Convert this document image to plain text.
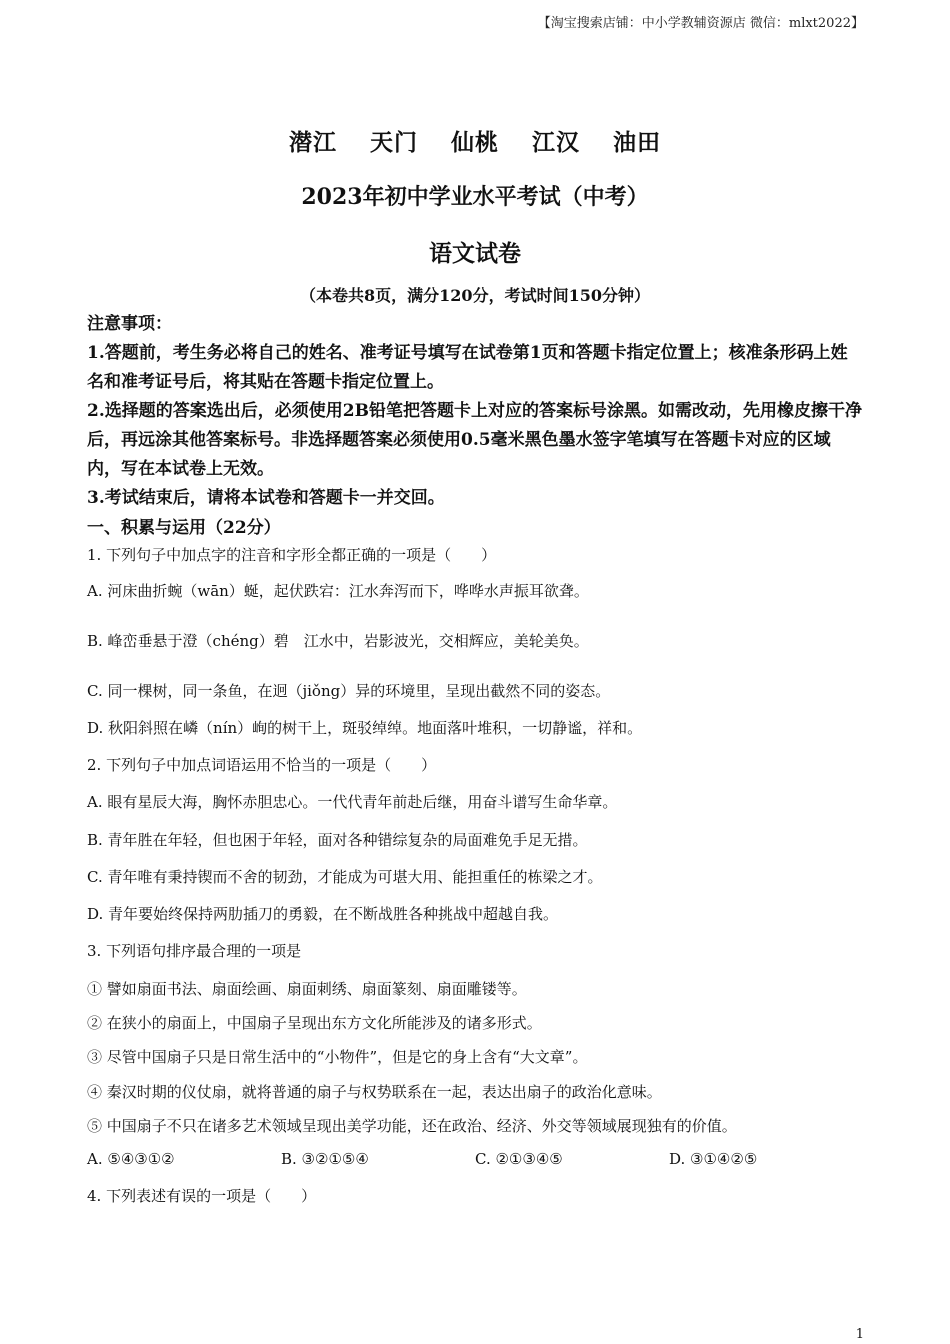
【淘宝搜索店铺：中小学教辅资源店 微信：mlxt2022】
潜江 天门 仙桃 江汉 油田
2023年初中学业水平考试（中考）
语文试卷
（本卷共8页，满分120分，考试时间150分钟）

注意事项：

1.答题前，考生务必将自己的姓名、准考证号填写在试卷第1页和答题卡指定位置上；核准条形码上姓名和准考证号后，将其贴在答题卡指定位置上。

2.选择题的答案选出后，必须使用2B铅笔把答题卡上对应的答案标号涂黑。如需改动，先用橡皮擦干净后，再远涂其他答案标号。非选择题答案必须使用0.5毫米黑色墨水签字笔填写在答题卡对应的区域内，写在本试卷上无效。

3.考试结束后，请将本试卷和答题卡一并交回。

一、积累与运用（22分）
1. 下列句子中加点字的注音和字形全都正确的一项是（　　）
A. 河床曲折蜿（wān）蜒，起伏跌宕：江水奔泻而下，哗哗水声振耳欲聋。
B. 峰峦垂悬于澄（chéng）碧　江水中，岩影波光，交相辉应，美轮美奂。
C. 同一棵树，同一条鱼，在迥（jiǒng）异的环境里，呈现出截然不同的姿态。
D. 秋阳斜照在嶙（nín）峋的树干上，斑驳绰绰。地面落叶堆积，一切静谧，祥和。
2. 下列句子中加点词语运用不恰当的一项是（　　）
A. 眼有星辰大海，胸怀赤胆忠心。一代代青年前赴后继，用奋斗谱写生命华章。
B. 青年胜在年轻，但也困于年轻，面对各种错综复杂的局面难免手足无措。
C. 青年唯有秉持锲而不舍的韧劲，才能成为可堪大用、能担重任的栋梁之才。
D. 青年要始终保持两肋插刀的勇毅，在不断战胜各种挑战中超越自我。
3. 下列语句排序最合理的一项是
① 譬如扇面书法、扇面绘画、扇面刺绣、扇面篆刻、扇面雕镂等。
② 在狭小的扇面上，中国扇子呈现出东方文化所能涉及的诸多形式。
③ 尽管中国扇子只是日常生活中的“小物件”，但是它的身上含有“大文章”。
④ 秦汉时期的仪仗扇，就将普通的扇子与权势联系在一起，表达出扇子的政治化意味。
⑤ 中国扇子不只在诸多艺术领域呈现出美学功能，还在政治、经济、外交等领域展现独有的价值。
A. ⑤④③①②	B. ③②①⑤④	C. ②①③④⑤	D. ③①④②⑤
4. 下列表述有误的一项是（　　）
1
